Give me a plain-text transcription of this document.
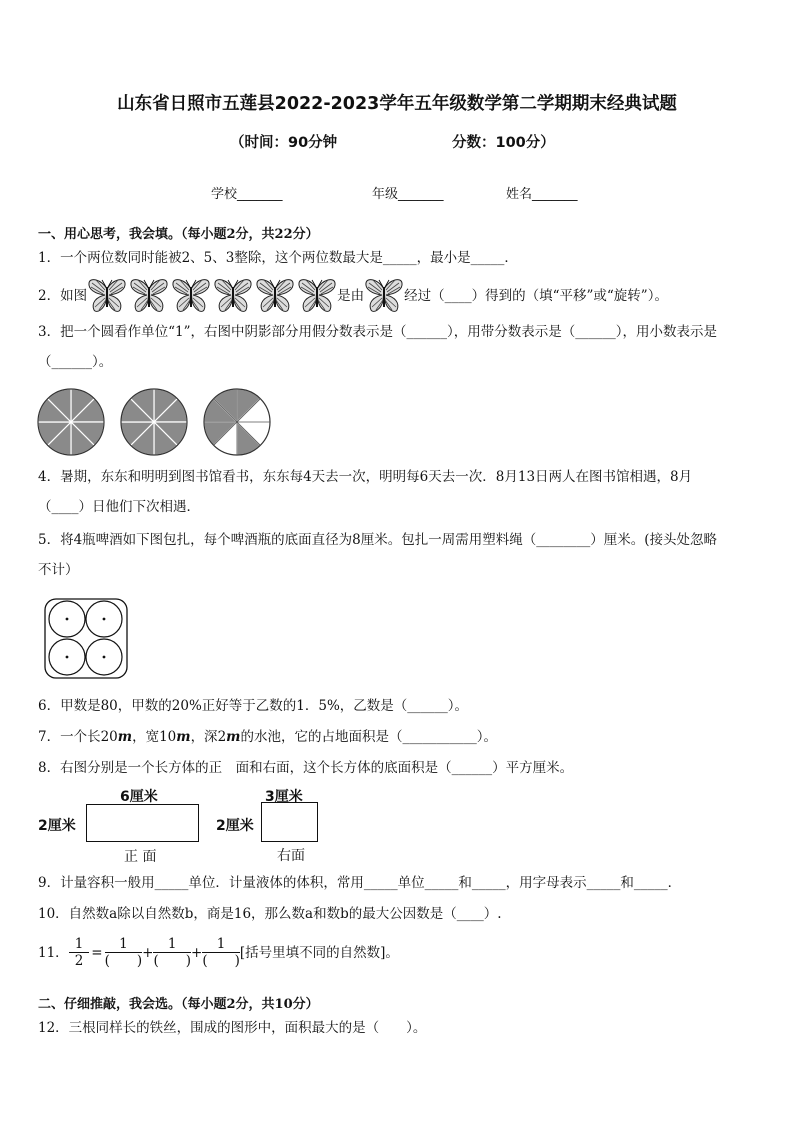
山东省日照市五莲县2022-2023学年五年级数学第二学期期末经典试题
（时间：90分钟	分数：100分）
学校_______	年级_______	姓名_______
一、用心思考，我会填。（每小题2分，共22分）
1．一个两位数同时能被2、5、3整除，这个两位数最大是_____，最小是_____．
2．如图	是由	经过（____）得到的（填“平移”或“旋转”）。
3．把一个圆看作单位“1”，右图中阴影部分用假分数表示是（______），用带分数表示是（______），用小数表示是
（______）。
4．暑期，东东和明明到图书馆看书，东东每4天去一次，明明每6天去一次．8月13日两人在图书馆相遇，8月
（____）日他们下次相遇．
5．将4瓶啤酒如下图包扎，每个啤酒瓶的底面直径为8厘米。包扎一周需用塑料绳（________）厘米。(接头处忽略
不计）
6．甲数是80，甲数的20%正好等于乙数的1．5%，乙数是（______）。
7．一个长20m，宽10m，深2m的水池，它的占地面积是（___________）。
8．右图分别是一个长方体的正　面和右面，这个长方体的底面积是（______）平方厘米。
6厘米
2厘米
正 面
3厘米
2厘米
右面
9．计量容积一般用_____单位．计量液体的体积，常用_____单位_____和_____，用字母表示_____和_____．
10．自然数a除以自然数b，商是16，那么数a和数b的最大公因数是（____）.
11． $\frac{1}{2} = \frac{1}{( )} + \frac{1}{( )} + \frac{1}{( )}$ [括号里填不同的自然数]。
二、仔细推敲，我会选。（每小题2分，共10分）
12．三根同样长的铁丝，围成的图形中，面积最大的是（　　）。
